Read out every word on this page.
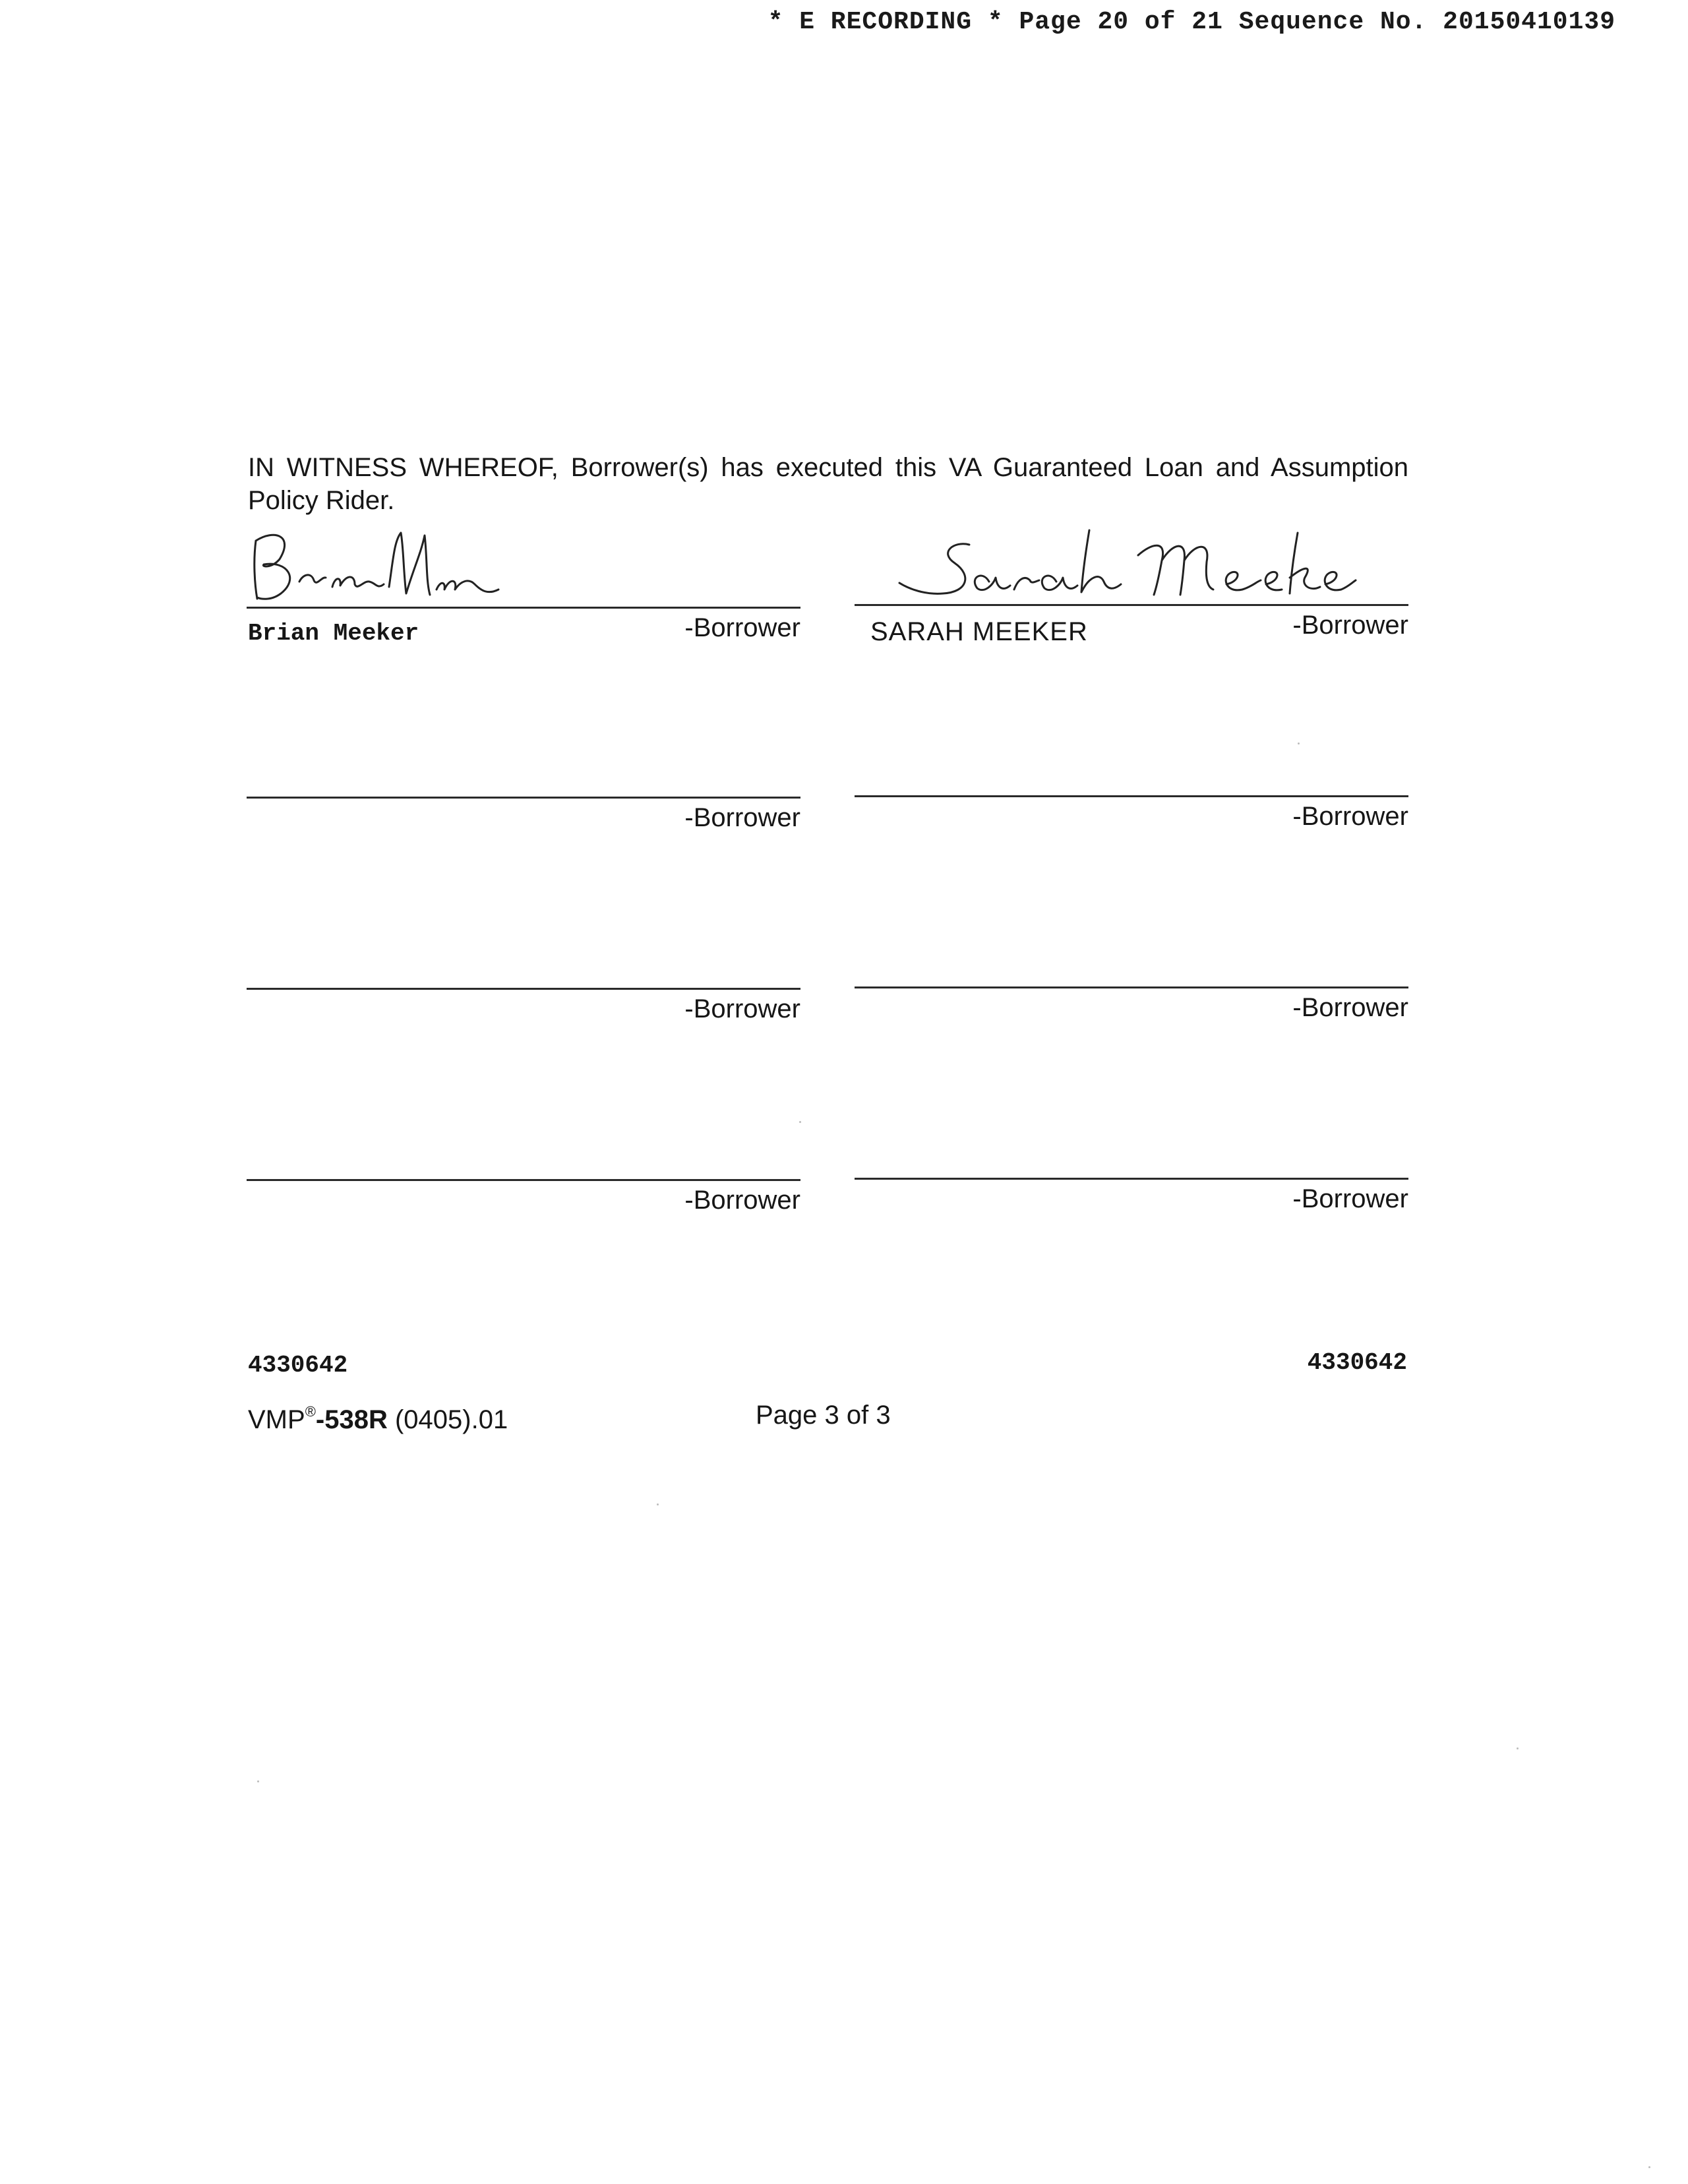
* E RECORDING * Page 20 of 21 Sequence No. 20150410139
IN WITNESS WHEREOF, Borrower(s) has executed this VA Guaranteed Loan and Assumption Policy Rider.
Brian Meeker	-Borrower	SARAH MEEKER	-Borrower
-Borrower	-Borrower
-Borrower	-Borrower
-Borrower	-Borrower
4330642	4330642
VMP®-538R (0405).01	Page 3 of 3
